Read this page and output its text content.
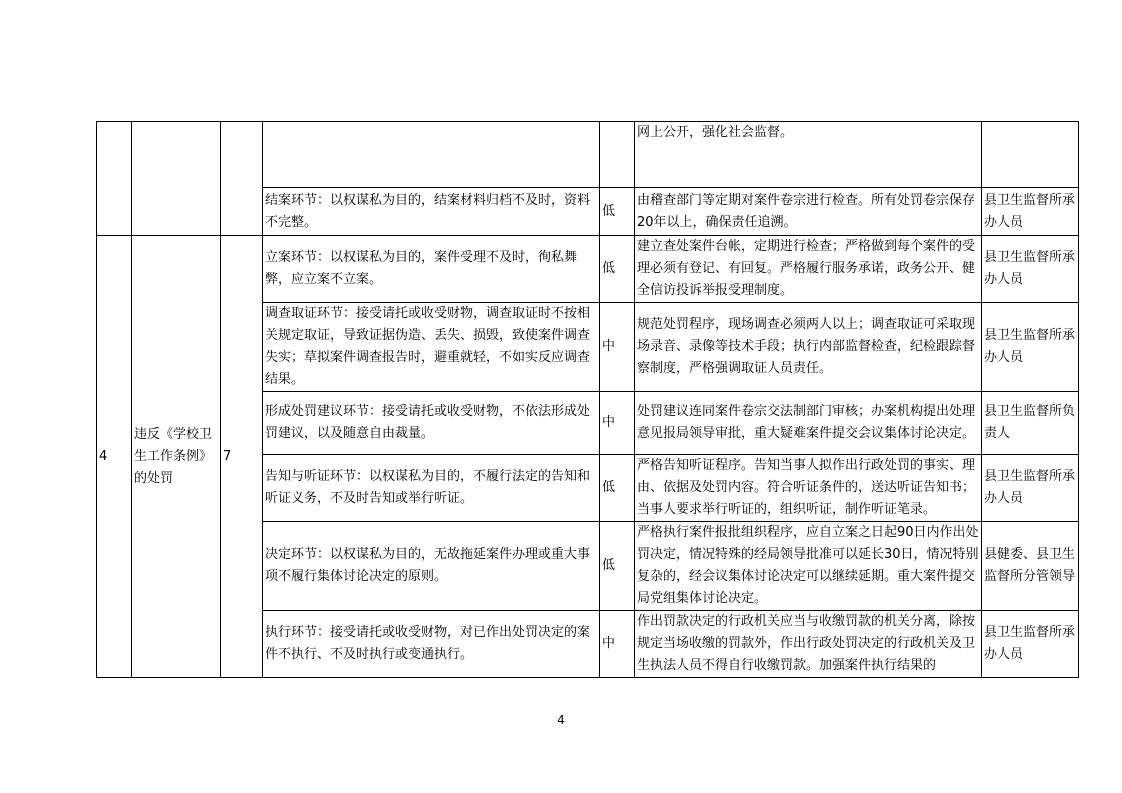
					网上公开，强化社会监督。	
			结案环节：以权谋私为目的，结案材料归档不及时，资料不完整。	低	由稽查部门等定期对案件卷宗进行检查。所有处罚卷宗保存20年以上，确保责任追溯。	县卫生监督所承办人员
4	违反《学校卫生工作条例》的处罚	7	立案环节：以权谋私为目的，案件受理不及时，徇私舞弊，应立案不立案。	低	建立查处案件台帐，定期进行检查；严格做到每个案件的受理必须有登记、有回复。严格履行服务承诺，政务公开、健全信访投诉举报受理制度。	县卫生监督所承办人员
			调查取证环节：接受请托或收受财物，调查取证时不按相关规定取证，导致证据伪造、丢失、损毁，致使案件调查失实；草拟案件调查报告时，避重就轻，不如实反应调查结果。	中	规范处罚程序，现场调查必须两人以上；调查取证可采取现场录音、录像等技术手段；执行内部监督检查，纪检跟踪督察制度，严格强调取证人员责任。	县卫生监督所承办人员
			形成处罚建议环节：接受请托或收受财物，不依法形成处罚建议，以及随意自由裁量。	中	处罚建议连同案件卷宗交法制部门审核；办案机构提出处理意见报局领导审批，重大疑难案件提交会议集体讨论决定。	县卫生监督所负责人
			告知与听证环节：以权谋私为目的，不履行法定的告知和听证义务，不及时告知或举行听证。	低	严格告知听证程序。告知当事人拟作出行政处罚的事实、理由、依据及处罚内容。符合听证条件的，送达听证告知书；当事人要求举行听证的，组织听证，制作听证笔录。	县卫生监督所承办人员
			决定环节：以权谋私为目的，无故拖延案件办理或重大事项不履行集体讨论决定的原则。	低	严格执行案件报批组织程序，应自立案之日起90日内作出处罚决定，情况特殊的经局领导批准可以延长30日，情况特别复杂的，经会议集体讨论决定可以继续延期。重大案件提交局党组集体讨论决定。	县健委、县卫生监督所分管领导
			执行环节：接受请托或收受财物，对已作出处罚决定的案件不执行、不及时执行或变通执行。	中	作出罚款决定的行政机关应当与收缴罚款的机关分离，除按规定当场收缴的罚款外，作出行政处罚决定的行政机关及卫生执法人员不得自行收缴罚款。加强案件执行结果的	县卫生监督所承办人员
4
